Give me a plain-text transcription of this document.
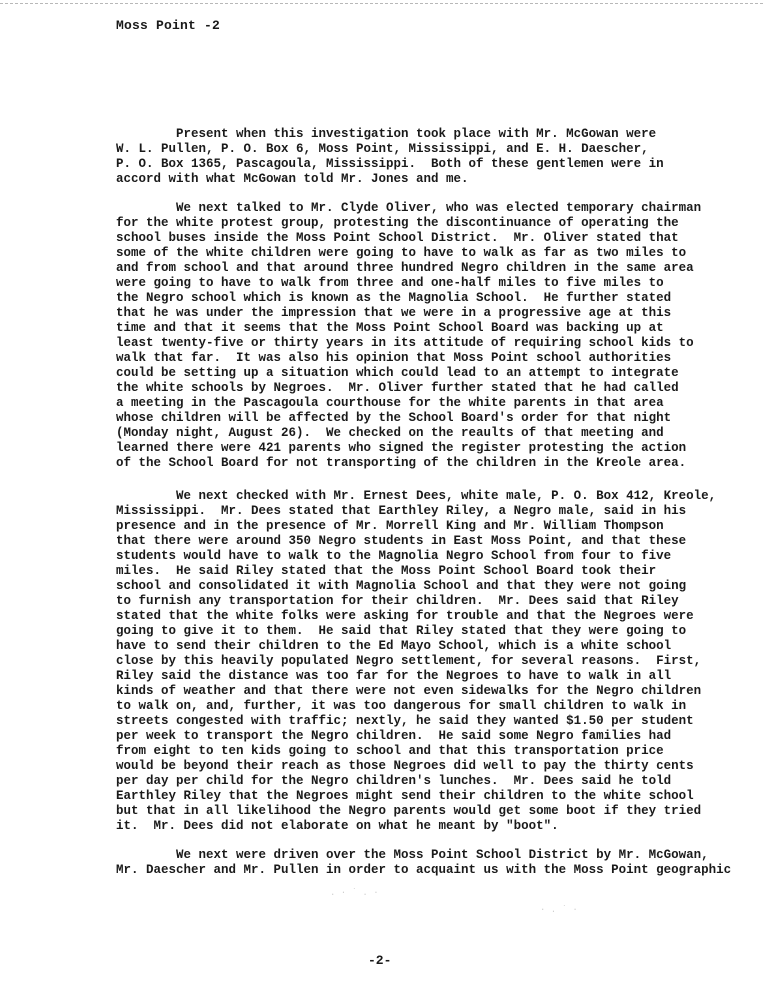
Moss Point -2
Present when this investigation took place with Mr. McGowan were
W. L. Pullen, P. O. Box 6, Moss Point, Mississippi, and E. H. Daescher,
P. O. Box 1365, Pascagoula, Mississippi.  Both of these gentlemen were in
accord with what McGowan told Mr. Jones and me.
We next talked to Mr. Clyde Oliver, who was elected temporary chairman
for the white protest group, protesting the discontinuance of operating the
school buses inside the Moss Point School District.  Mr. Oliver stated that
some of the white children were going to have to walk as far as two miles to
and from school and that around three hundred Negro children in the same area
were going to have to walk from three and one-half miles to five miles to
the Negro school which is known as the Magnolia School.  He further stated
that he was under the impression that we were in a progressive age at this
time and that it seems that the Moss Point School Board was backing up at
least twenty-five or thirty years in its attitude of requiring school kids to
walk that far.  It was also his opinion that Moss Point school authorities
could be setting up a situation which could lead to an attempt to integrate
the white schools by Negroes.  Mr. Oliver further stated that he had called
a meeting in the Pascagoula courthouse for the white parents in that area
whose children will be affected by the School Board's order for that night
(Monday night, August 26).  We checked on the reaults of that meeting and
learned there were 421 parents who signed the register protesting the action
of the School Board for not transporting of the children in the Kreole area.
We next checked with Mr. Ernest Dees, white male, P. O. Box 412, Kreole,
Mississippi.  Mr. Dees stated that Earthley Riley, a Negro male, said in his
presence and in the presence of Mr. Morrell King and Mr. William Thompson
that there were around 350 Negro students in East Moss Point, and that these
students would have to walk to the Magnolia Negro School from four to five
miles.  He said Riley stated that the Moss Point School Board took their
school and consolidated it with Magnolia School and that they were not going
to furnish any transportation for their children.  Mr. Dees said that Riley
stated that the white folks were asking for trouble and that the Negroes were
going to give it to them.  He said that Riley stated that they were going to
have to send their children to the Ed Mayo School, which is a white school
close by this heavily populated Negro settlement, for several reasons.  First,
Riley said the distance was too far for the Negroes to have to walk in all
kinds of weather and that there were not even sidewalks for the Negro children
to walk on, and, further, it was too dangerous for small children to walk in
streets congested with traffic; nextly, he said they wanted $1.50 per student
per week to transport the Negro children.  He said some Negro families had
from eight to ten kids going to school and that this transportation price
would be beyond their reach as those Negroes did well to pay the thirty cents
per day per child for the Negro children's lunches.  Mr. Dees said he told
Earthley Riley that the Negroes might send their children to the white school
but that in all likelihood the Negro parents would get some boot if they tried
it.  Mr. Dees did not elaborate on what he meant by "boot".
We next were driven over the Moss Point School District by Mr. McGowan,
Mr. Daescher and Mr. Pullen in order to acquaint us with the Moss Point geographic
. · ˙ . ·
· . ˙ ·
-2-
